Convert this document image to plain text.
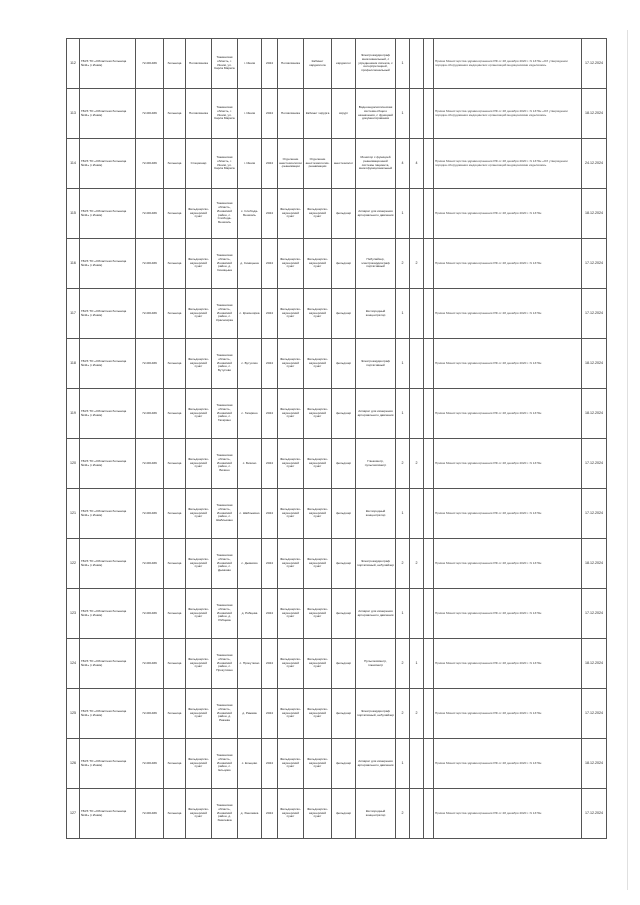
112	ГБУЗ ТО «Областная больница №11» (г.Ишим)	72-001466	больница	Поликлиника	Тюменская область, г. Ишим, ул. Карла Маркса	г. Ишим	2024	Поликлиника	Кабинет кардиолога	кардиолог	Электрокардиограф многоканальный, с усреднением сигнала, с интерпретацией, профессиональный	1			Приказ Министерства здравоохранения РФ от 28 декабря 2020 г. N 1379н «Об утверждении порядка оборудования медицинских организаций медицинскими изделиями»	17.12.2024
113	ГБУЗ ТО «Областная больница №11» (г.Ишим)	72-001466	больница	Поликлиника	Тюменская область, г. Ишим, ул. Карла Маркса	г. Ишим	2024	Поликлиника	Кабинет хирурга	хирург	Видеоэндоскопическая система общего назначения, с функцией документирования	1			Приказ Министерства здравоохранения РФ от 28 декабря 2020 г. N 1379н «Об утверждении порядка оборудования медицинских организаций медицинскими изделиями»	18.12.2024
114	ГБУЗ ТО «Областная больница №11» (г.Ишим)	72-001466	больница	Стационар	Тюменская область, г. Ишим, ул. Карла Маркса	г. Ишим	2024	Отделение анестезиологии-реанимации	Отделение анестезиологии-реанимации	анестезиолог	Монитор с функцией реанимационной системы пациента, многофункциональный	4	4		Приказ Министерства здравоохранения РФ от 28 декабря 2020 г. N 1379н «Об утверждении порядка оборудования медицинских организаций медицинскими изделиями»	24.12.2024
115	ГБУЗ ТО «Областная больница №11» (г.Ишим)	72-001466	больница	Фельдшерско-акушерский пункт	Тюменская область, Ишимский район, с. Слобода-Бешкиль	с. Слобода-Бешкиль	2024	Фельдшерско-акушерский пункт	Фельдшерско-акушерский пункт	фельдшер	Аппарат для измерения артериального давления	1			Приказ Министерства здравоохранения РФ от 28 декабря 2020 г. N 1379н	18.12.2024
116	ГБУЗ ТО «Областная больница №11» (г.Ишим)	72-001466	больница	Фельдшерско-акушерский пункт	Тюменская область, Ишимский район, д. Синицына	д. Синицына	2024	Фельдшерско-акушерский пункт	Фельдшерско-акушерский пункт	фельдшер	Небулайзер, электрокардиограф портативный	2	2		Приказ Министерства здравоохранения РФ от 28 декабря 2020 г. N 1379н	17.12.2024
117	ГБУЗ ТО «Областная больница №11» (г.Ишим)	72-001466	больница	Фельдшерско-акушерский пункт	Тюменская область, Ишимский район, с. Красноярка	с. Красноярка	2024	Фельдшерско-акушерский пункт	Фельдшерско-акушерский пункт	фельдшер	Кислородный концентратор	1			Приказ Министерства здравоохранения РФ от 28 декабря 2020 г. N 1379н	17.12.2024
118	ГБУЗ ТО «Областная больница №11» (г.Ишим)	72-001466	больница	Фельдшерско-акушерский пункт	Тюменская область, Ишимский район, с. Бутусово	с. Бутусово	2024	Фельдшерско-акушерский пункт	Фельдшерско-акушерский пункт	фельдшер	Электрокардиограф портативный	1			Приказ Министерства здравоохранения РФ от 28 декабря 2020 г. N 1379н	18.12.2024
119	ГБУЗ ТО «Областная больница №11» (г.Ишим)	72-001466	больница	Фельдшерско-акушерский пункт	Тюменская область, Ишимский район, с. Гагарино	с. Гагарино	2024	Фельдшерско-акушерский пункт	Фельдшерско-акушерский пункт	фельдшер	Аппарат для измерения артериального давления	1			Приказ Министерства здравоохранения РФ от 28 декабря 2020 г. N 1379н	18.12.2024
120	ГБУЗ ТО «Областная больница №11» (г.Ишим)	72-001466	больница	Фельдшерско-акушерский пункт	Тюменская область, Ишимский район, с. Бизино	с. Бизино	2024	Фельдшерско-акушерский пункт	Фельдшерско-акушерский пункт	фельдшер	Глюкометр, пульсоксиметр	2	2		Приказ Министерства здравоохранения РФ от 28 декабря 2020 г. N 1379н	17.12.2024
121	ГБУЗ ТО «Областная больница №11» (г.Ишим)	72-001466	больница	Фельдшерско-акушерский пункт	Тюменская область, Ишимский район, с. Шаблыкино	с. Шаблыкино	2024	Фельдшерско-акушерский пункт	Фельдшерско-акушерский пункт	фельдшер	Кислородный концентратор	1			Приказ Министерства здравоохранения РФ от 28 декабря 2020 г. N 1379н	17.12.2024
122	ГБУЗ ТО «Областная больница №11» (г.Ишим)	72-001466	больница	Фельдшерско-акушерский пункт	Тюменская область, Ишимский район, с. Дымково	с. Дымково	2024	Фельдшерско-акушерский пункт	Фельдшерско-акушерский пункт	фельдшер	Электрокардиограф портативный, небулайзер	2	2		Приказ Министерства здравоохранения РФ от 28 декабря 2020 г. N 1379н	18.12.2024
123	ГБУЗ ТО «Областная больница №11» (г.Ишим)	72-001466	больница	Фельдшерско-акушерский пункт	Тюменская область, Ишимский район, д. Рябцева	д. Рябцева	2024	Фельдшерско-акушерский пункт	Фельдшерско-акушерский пункт	фельдшер	Аппарат для измерения артериального давления	1			Приказ Министерства здравоохранения РФ от 28 декабря 2020 г. N 1379н	17.12.2024
124	ГБУЗ ТО «Областная больница №11» (г.Ишим)	72-001466	больница	Фельдшерско-акушерский пункт	Тюменская область, Ишимский район, с. Прокуткино	с. Прокуткино	2024	Фельдшерско-акушерский пункт	Фельдшерско-акушерский пункт	фельдшер	Пульсоксиметр, глюкометр	2	1		Приказ Министерства здравоохранения РФ от 28 декабря 2020 г. N 1379н	18.12.2024
125	ГБУЗ ТО «Областная больница №11» (г.Ишим)	72-001466	больница	Фельдшерско-акушерский пункт	Тюменская область, Ишимский район, д. Ражева	д. Ражева	2024	Фельдшерско-акушерский пункт	Фельдшерско-акушерский пункт	фельдшер	Электрокардиограф портативный, небулайзер	2	2		Приказ Министерства здравоохранения РФ от 28 декабря 2020 г. N 1379н	17.12.2024
126	ГБУЗ ТО «Областная больница №11» (г.Ишим)	72-001466	больница	Фельдшерско-акушерский пункт	Тюменская область, Ишимский район, с. Ельцово	с. Ельцово	2024	Фельдшерско-акушерский пункт	Фельдшерско-акушерский пункт	фельдшер	Аппарат для измерения артериального давления	1			Приказ Министерства здравоохранения РФ от 28 декабря 2020 г. N 1379н	18.12.2024
127	ГБУЗ ТО «Областная больница №11» (г.Ишим)	72-001466	больница	Фельдшерско-акушерский пункт	Тюменская область, Ишимский район, д. Хмелевка	д. Хмелевка	2024	Фельдшерско-акушерский пункт	Фельдшерско-акушерский пункт	фельдшер	Кислородный концентратор	2			Приказ Министерства здравоохранения РФ от 28 декабря 2020 г. N 1379н	17.12.2024
